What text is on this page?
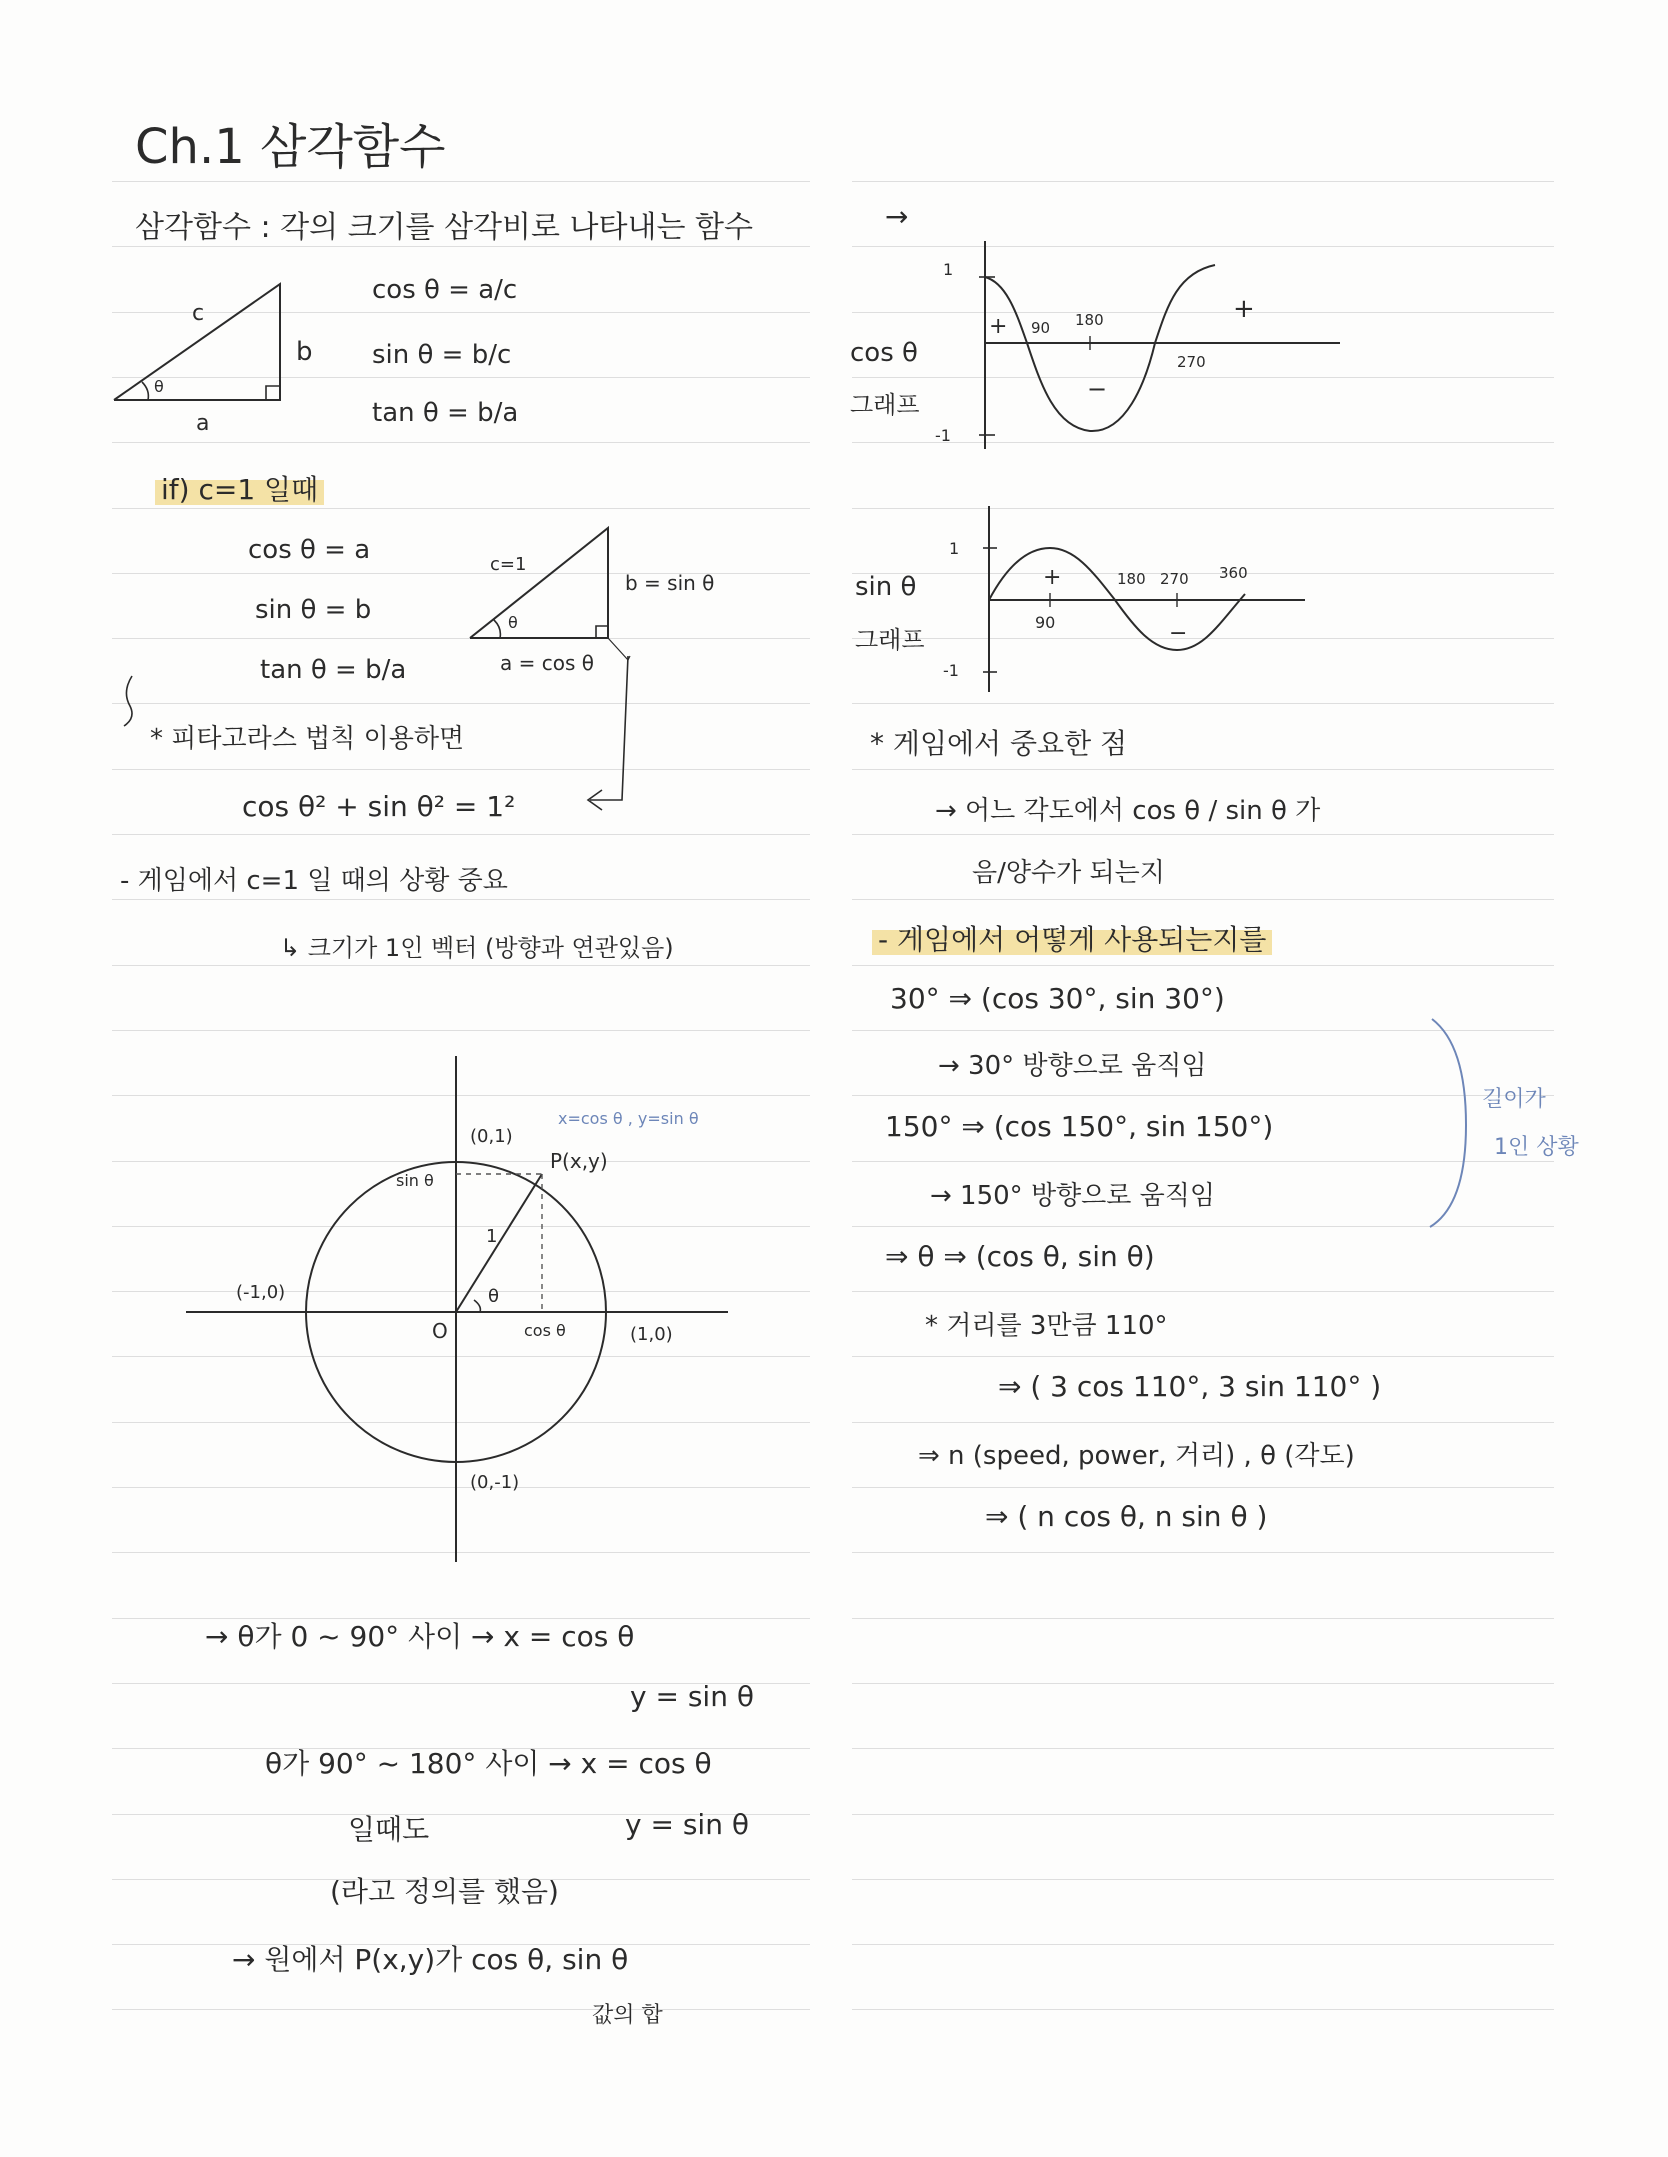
Ch.1 삼각함수
삼각함수 : 각의 크기를 삼각비로 나타내는 함수
c
b
a
θ
cos θ = a/c
sin θ = b/c
tan θ = b/a
if) c=1 일때
cos θ = a
sin θ = b
tan θ = b/a
c=1
b = sin θ
a = cos θ
θ
* 피타고라스 법칙 이용하면
cos θ² + sin θ² = 1²
- 게임에서 c=1 일 때의 상황 중요
↳ 크기가 1인 벡터 (방향과 연관있음)
(0,1)
x=cos θ , y=sin θ
P(x,y)
sin θ
1
θ
(-1,0)
O	cos θ	(1,0)
(0,-1)
→ θ가 0 ~ 90° 사이 → x = cos θ
y = sin θ
θ가 90° ~ 180° 사이 → x = cos θ
일때도	y = sin θ
(라고 정의를 했음)
→ 원에서 P(x,y)가 cos θ, sin θ
값의 합
→
cos θ
그래프
1
-1
90 180
270
+
−
+
sin θ
그래프
1
-1
90
180 270 360
+
−
* 게임에서 중요한 점
→ 어느 각도에서 cos θ / sin θ 가
음/양수가 되는지
- 게임에서 어떻게 사용되는지를
30° ⇒ (cos 30°, sin 30°)
→ 30° 방향으로 움직임
150° ⇒ (cos 150°, sin 150°)
→ 150° 방향으로 움직임
⇒ θ ⇒ (cos θ, sin θ)
* 거리를 3만큼 110°
⇒ ( 3 cos 110°, 3 sin 110° )
⇒ n (speed, power, 거리) , θ (각도)
⇒ ( n cos θ, n sin θ )
길이가
1인 상황
